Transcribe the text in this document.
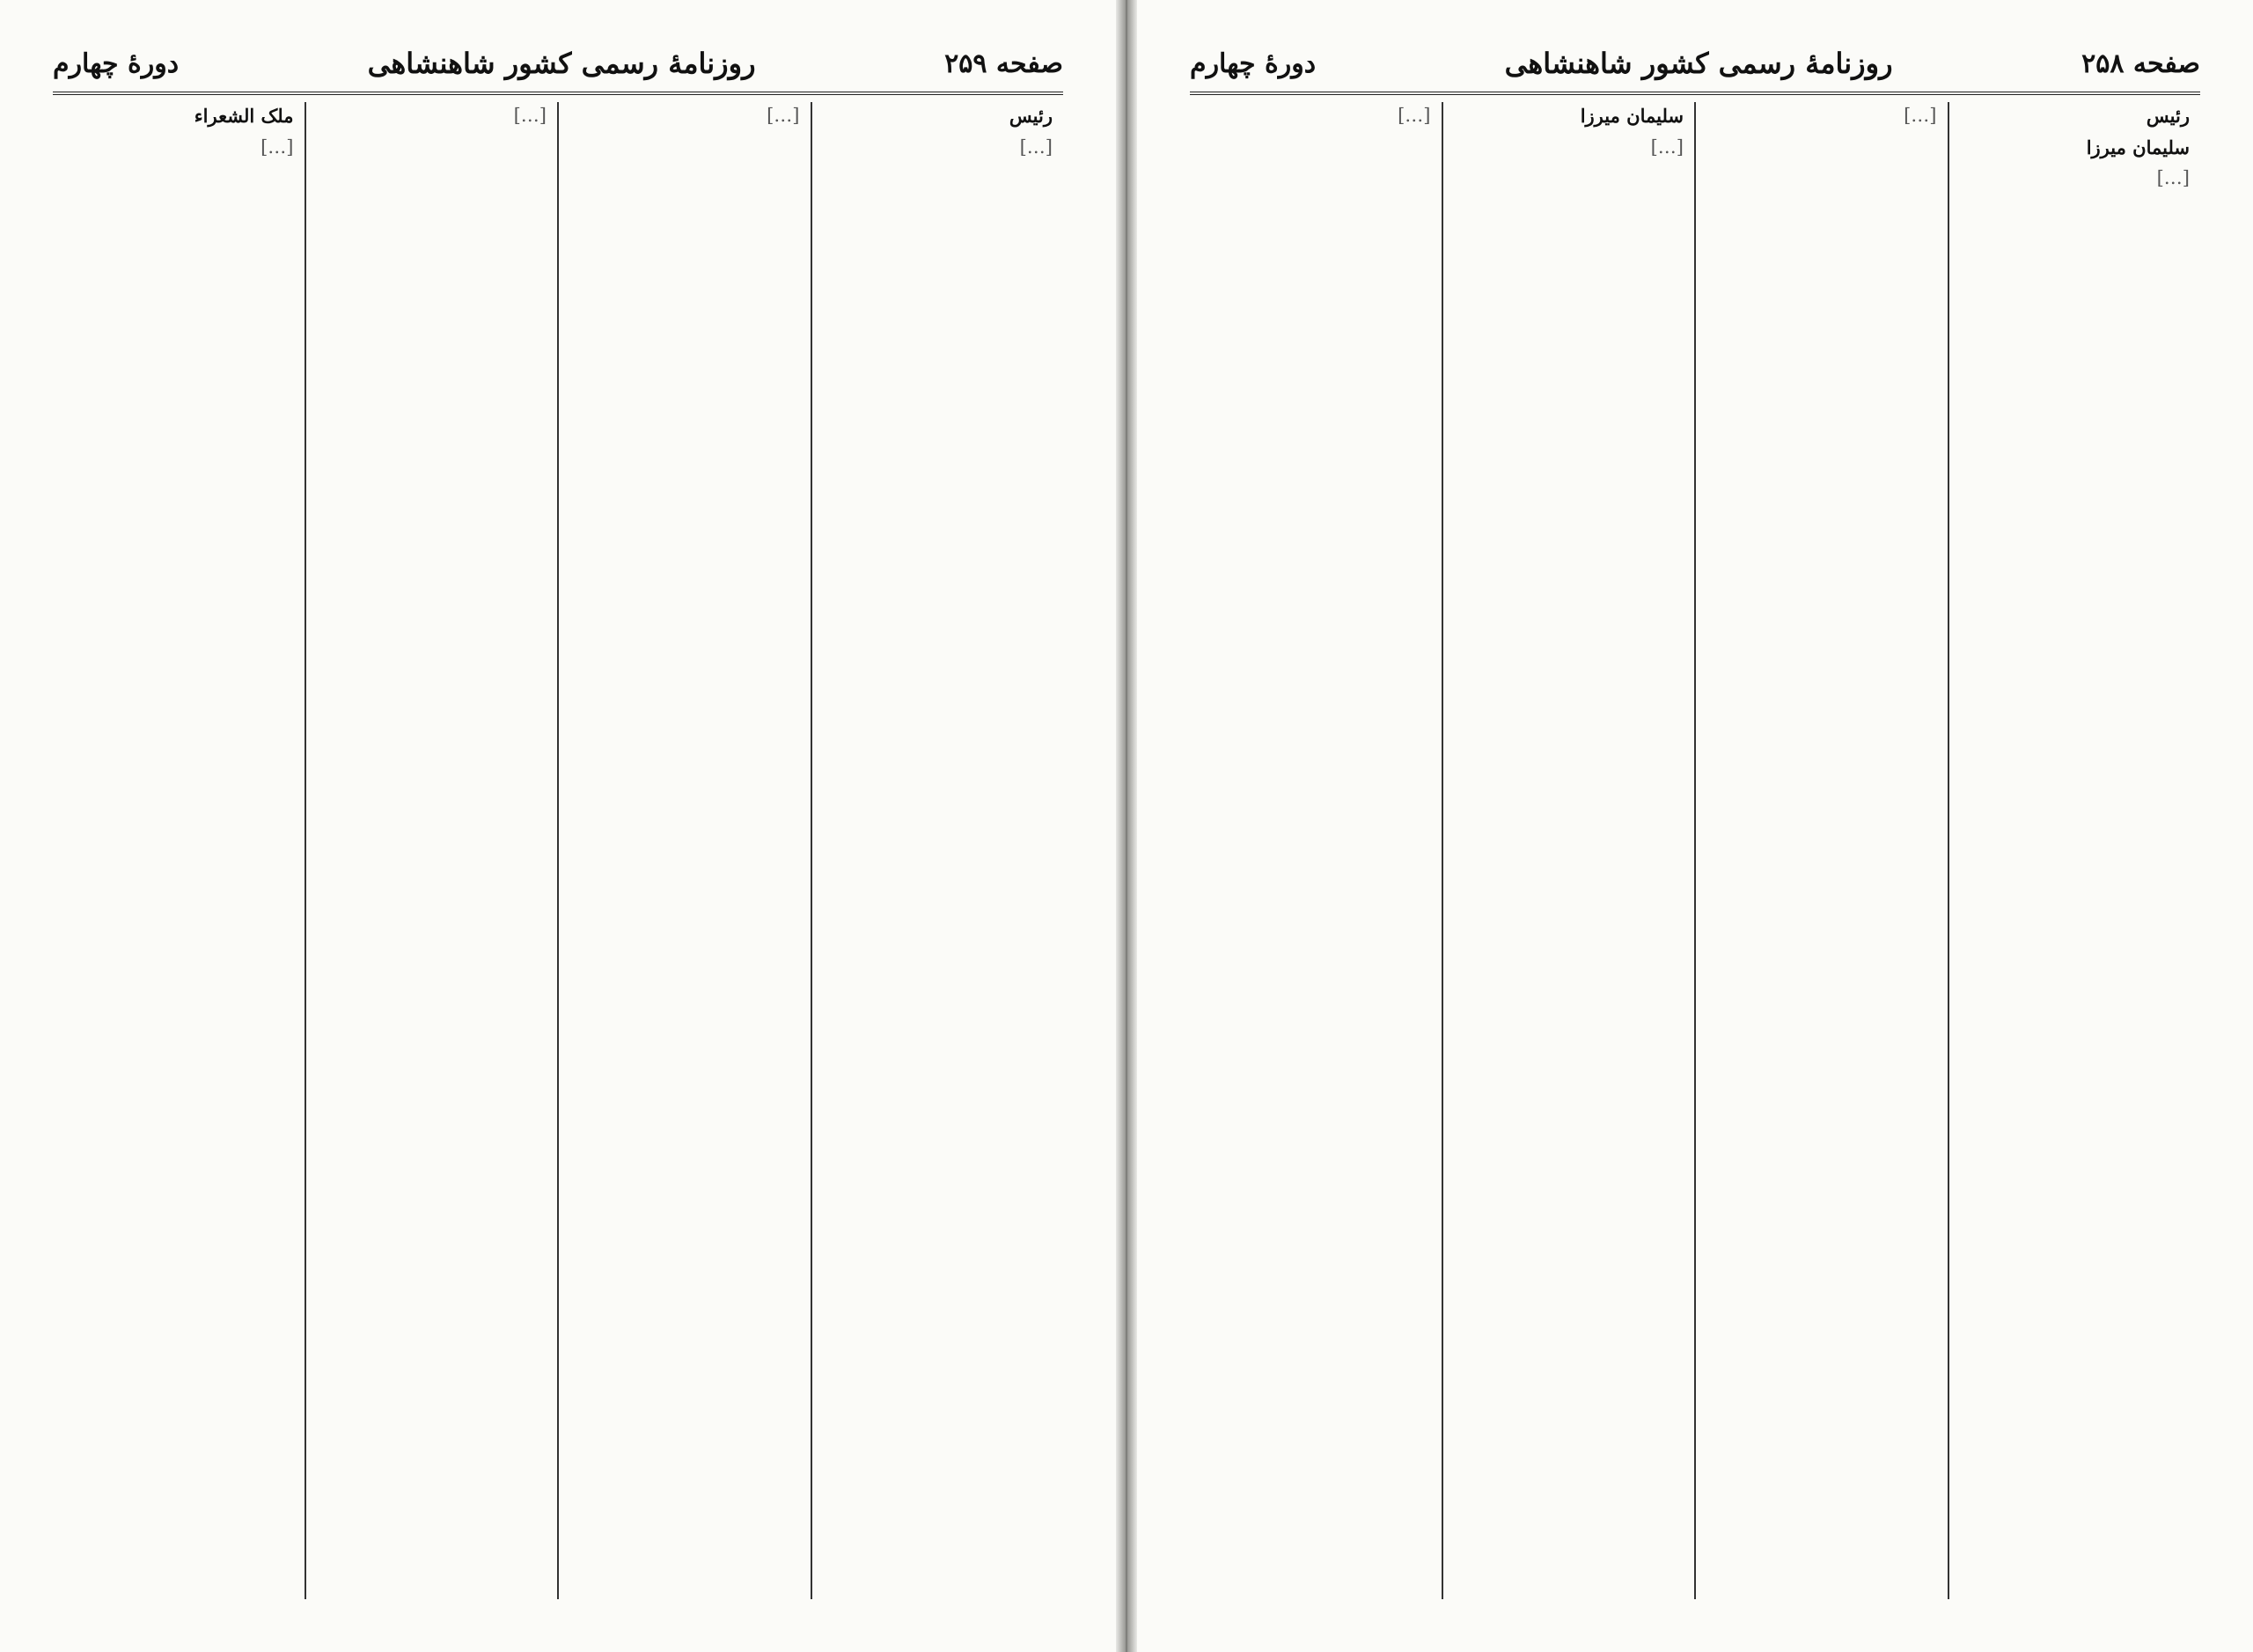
صفحه ۲۵۹
روزنامهٔ رسمی کشور شاهنشاهی
دورهٔ چهارم

رئیس

[…]

[…]

[…]

ملک الشعراء

[…]

صفحه ۲۵۸
روزنامهٔ رسمی کشور شاهنشاهی
دورهٔ چهارم

رئیس

سلیمان میرزا

[…]

[…]

سلیمان میرزا

[…]

[…]
